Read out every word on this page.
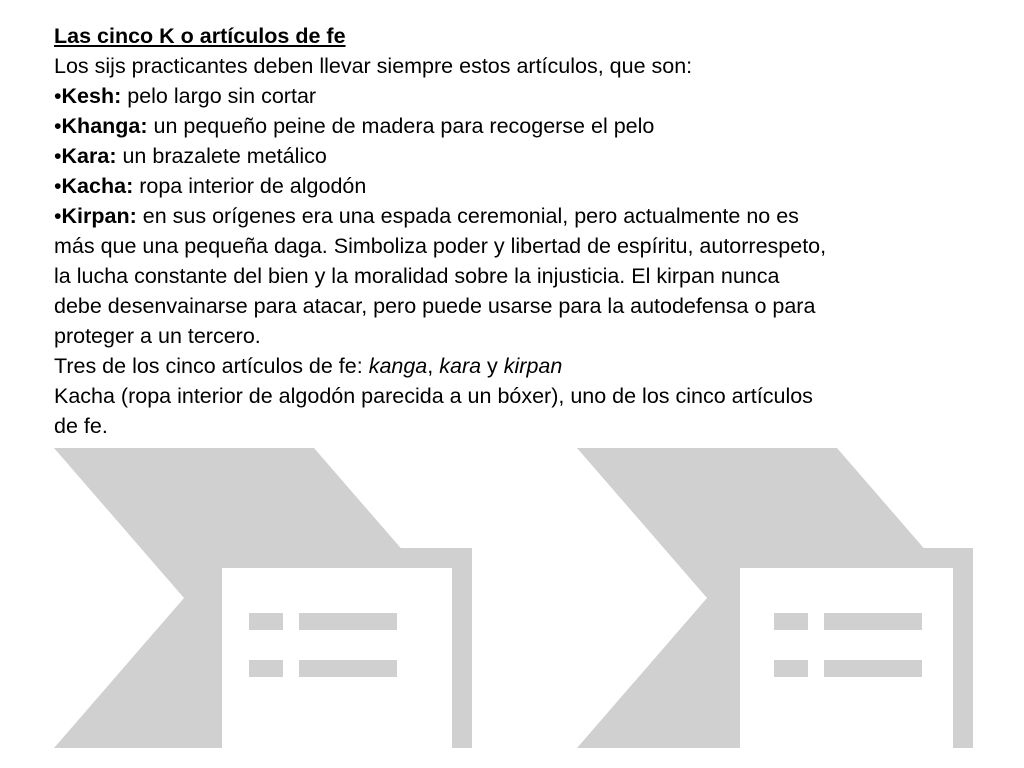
Las cinco K o artículos de fe
Los sijs practicantes deben llevar siempre estos artículos, que son:
•Kesh: pelo largo sin cortar
•Khanga: un pequeño peine de madera para recogerse el pelo
•Kara: un brazalete metálico
•Kacha: ropa interior de algodón
•Kirpan: en sus orígenes era una espada ceremonial, pero actualmente no es
más que una pequeña daga. Simboliza poder y libertad de espíritu, autorrespeto,
la lucha constante del bien y la moralidad sobre la injusticia. El kirpan nunca
debe desenvainarse para atacar, pero puede usarse para la autodefensa o para
proteger a un tercero.
Tres de los cinco artículos de fe: kanga, kara y kirpan
Kacha (ropa interior de algodón parecida a un bóxer), uno de los cinco artículos
de fe.
